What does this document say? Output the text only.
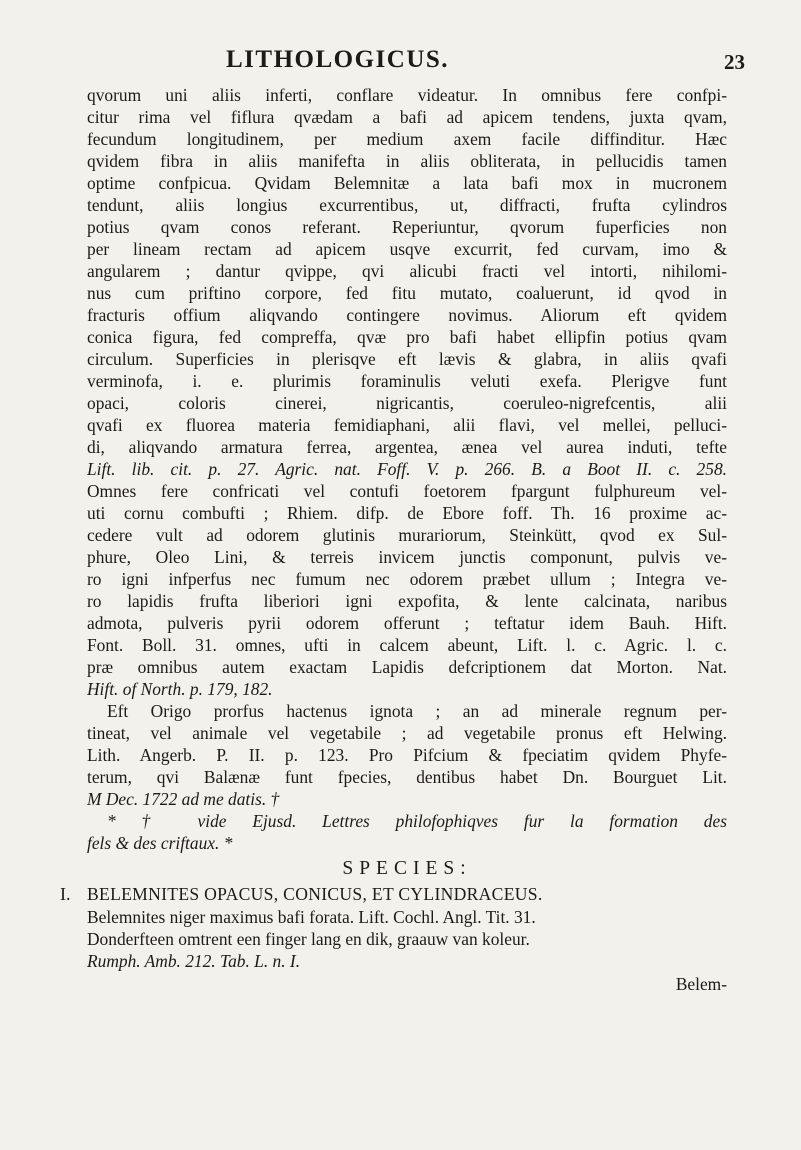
LITHOLOGICUS.	23
qvorum uni aliis inferti, conflare videatur. In omnibus fere confpi-
citur rima vel fiflura qvædam a bafi ad apicem tendens, juxta qvam,
fecundum longitudinem, per medium axem facile diffinditur. Hæc
qvidem fibra in aliis manifefta in aliis obliterata, in pellucidis tamen
optime confpicua. Qvidam Belemnitæ a lata bafi mox in mucronem
tendunt, aliis longius excurrentibus, ut, diffracti, frufta cylindros
potius qvam conos referant. Reperiuntur, qvorum fuperficies non
per lineam rectam ad apicem usqve excurrit, fed curvam, imo &
angularem ; dantur qvippe, qvi alicubi fracti vel intorti, nihilomi-
nus cum priftino corpore, fed fitu mutato, coaluerunt, id qvod in
fracturis offium aliqvando contingere novimus. Aliorum eft qvidem
conica figura, fed compreffa, qvæ pro bafi habet ellipfin potius qvam
circulum. Superficies in plerisqve eft lævis & glabra, in aliis qvafi
verminofa, i. e. plurimis foraminulis veluti exefa. Plerigve funt
opaci, coloris cinerei, nigricantis, coeruleo-nigrefcentis, alii
qvafi ex fluorea materia femidiaphani, alii flavi, vel mellei, pelluci-
di, aliqvando armatura ferrea, argentea, ænea vel aurea induti, tefte
Lift. lib. cit. p. 27. Agric. nat. Foff. V. p. 266. B. a Boot II. c. 258.
Omnes fere confricati vel contufi foetorem fpargunt fulphureum vel-
uti cornu combufti ; Rhiem. difp. de Ebore foff. Th. 16 proxime ac-
cedere vult ad odorem glutinis murariorum, Steinkütt, qvod ex Sul-
phure, Oleo Lini, & terreis invicem junctis componunt, pulvis ve-
ro igni infperfus nec fumum nec odorem præbet ullum ; Integra ve-
ro lapidis frufta liberiori igni expofita, & lente calcinata, naribus
admota, pulveris pyrii odorem offerunt ; teftatur idem Bauh. Hift.
Font. Boll. 31. omnes, ufti in calcem abeunt, Lift. l. c. Agric. l. c.
præ omnibus autem exactam Lapidis defcriptionem dat Morton. Nat.
Hift. of North. p. 179, 182.
Eft Origo prorfus hactenus ignota ; an ad minerale regnum per-
tineat, vel animale vel vegetabile ; ad vegetabile pronus eft Helwing.
Lith. Angerb. P. II. p. 123. Pro Pifcium & fpeciatim qvidem Phyfe-
terum, qvi Balænæ funt fpecies, dentibus habet Dn. Bourguet Lit.
M Dec. 1722 ad me datis. †
* † vide Ejusd. Lettres philofophiqves fur la formation des
fels & des criftaux. *
SPECIES:
I. BELEMNITES OPACUS, CONICUS, ET CYLINDRACEUS.
Belemnites niger maximus bafi forata. Lift. Cochl. Angl. Tit. 31.
Donderfteen omtrent een finger lang en dik, graauw van koleur.
Rumph. Amb. 212. Tab. L. n. I.
Belem-
